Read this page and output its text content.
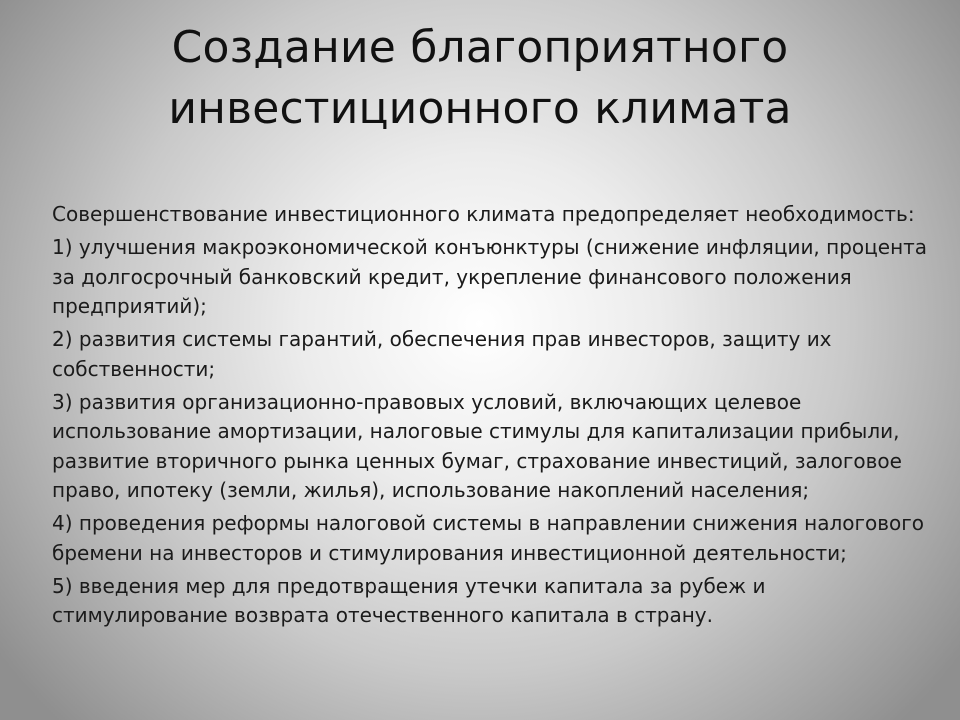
Создание благоприятного
инвестиционного климата

Совершенствование инвестиционного климата предопределяет необходимость:

1) улучшения макроэкономической конъюнктуры (снижение инфляции, процента за долгосрочный банковский кредит, укрепление финансового положения предприятий);

2) развития системы гарантий, обеспечения прав инвесторов, защиту их собственности;

3) развития организационно-правовых условий, включающих целевое использование амортизации, налоговые стимулы для капитализации прибыли, развитие вторичного рынка ценных бумаг, страхование инвестиций, залоговое право, ипотеку (земли, жилья), использование накоплений населения;

4) проведения реформы налоговой системы в направлении снижения налогового бремени на инвесторов и стимулирования инвестиционной деятельности;

5) введения мер для предотвращения утечки капитала за рубеж и стимулирование возврата отечественного капитала в страну.
